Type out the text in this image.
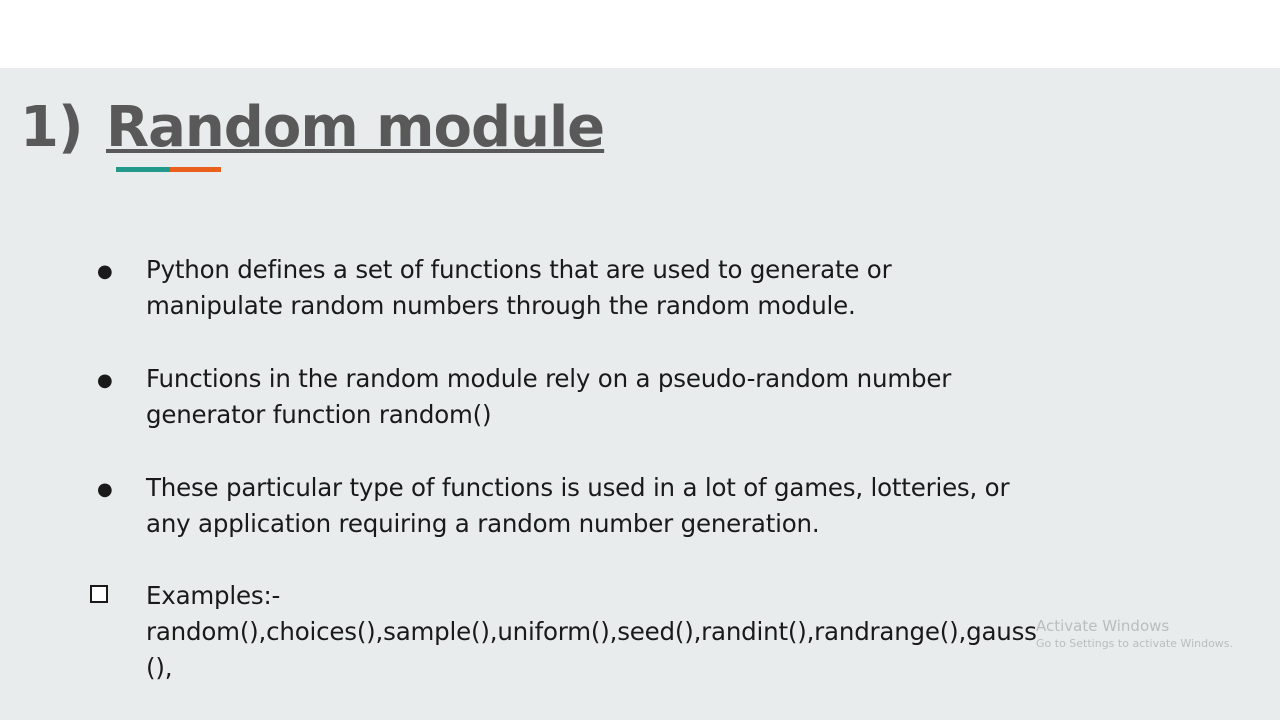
1) Random module
● Python defines a set of functions that are used to generate or
manipulate random numbers through the random module.
● Functions in the random module rely on a pseudo-random number
generator function random()
● These particular type of functions is used in a lot of games, lotteries, or
any application requiring a random number generation.
Examples:-

random(),choices(),sample(),uniform(),seed(),randint(),randrange(),gauss
(),
Activate Windows
Go to Settings to activate Windows.
